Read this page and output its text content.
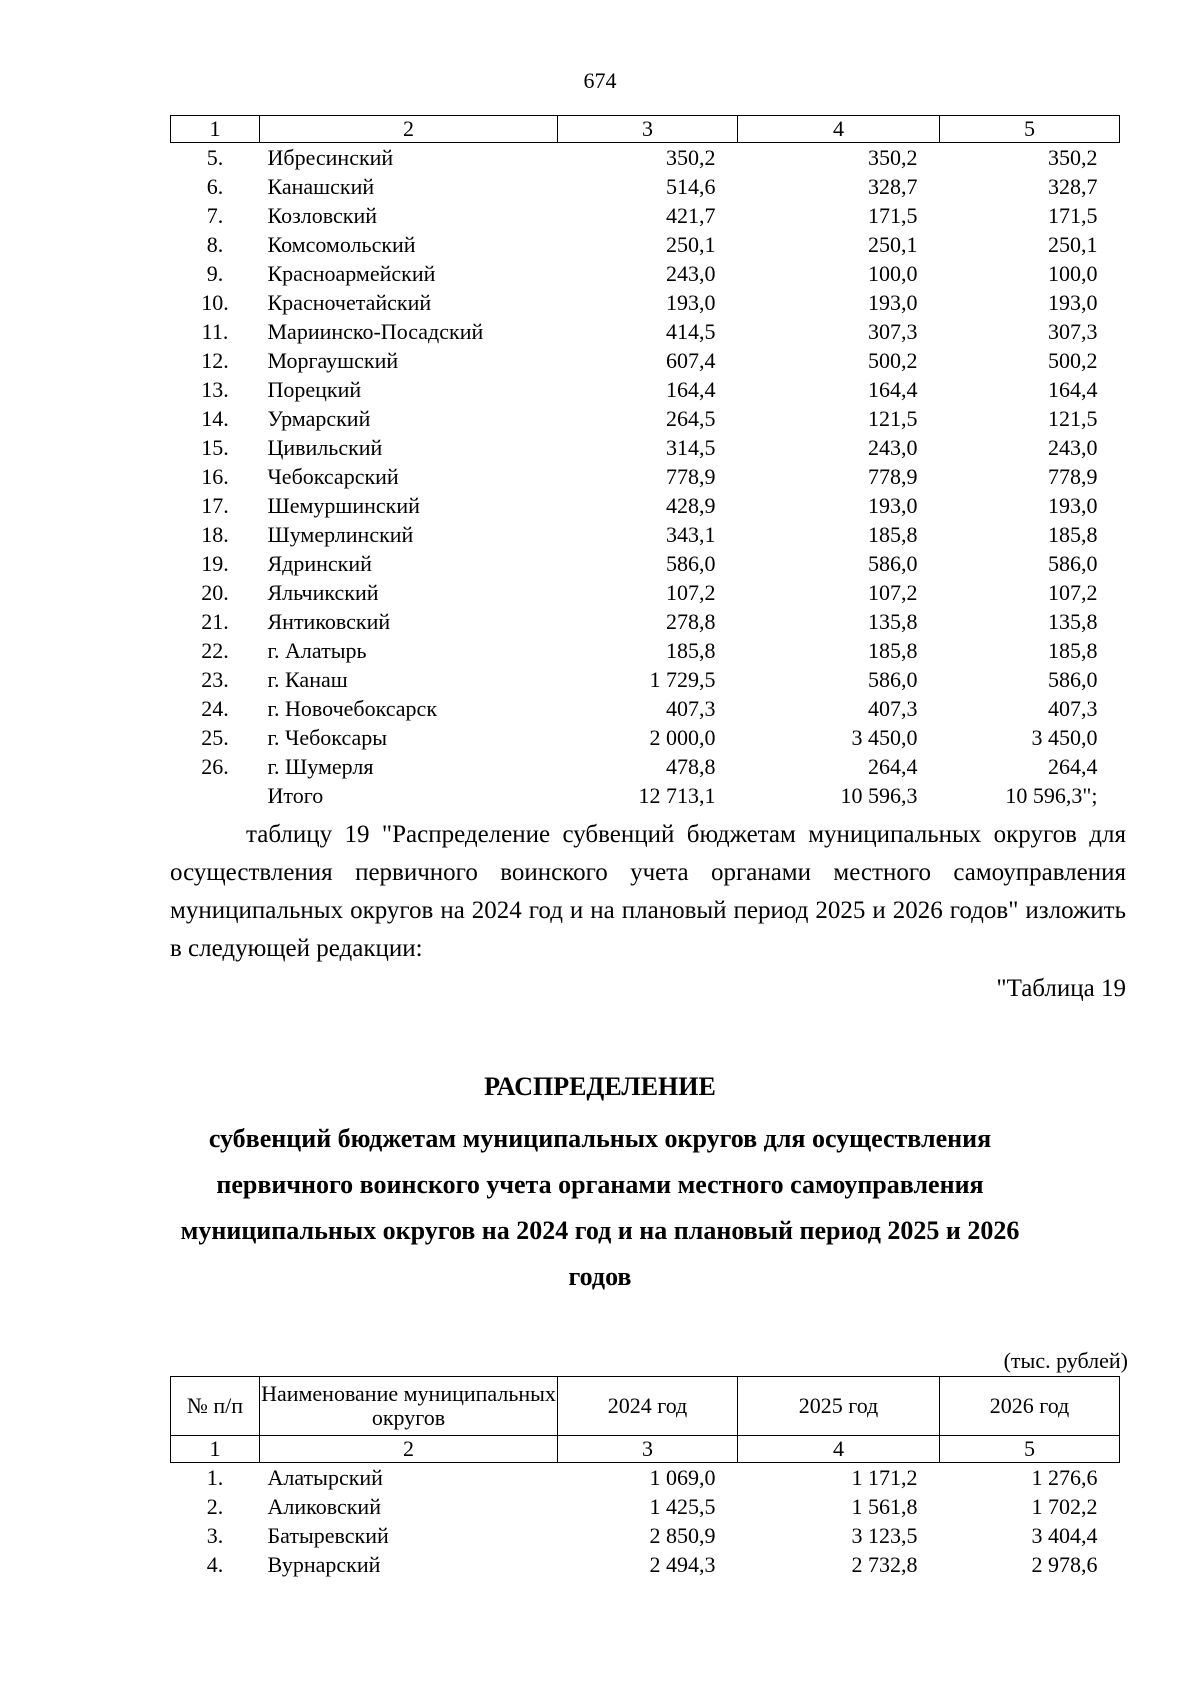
674
1	2	3	4	5
5.	Ибресинский	350,2	350,2	350,2
6.	Канашский	514,6	328,7	328,7
7.	Козловский	421,7	171,5	171,5
8.	Комсомольский	250,1	250,1	250,1
9.	Красноармейский	243,0	100,0	100,0
10.	Красночетайский	193,0	193,0	193,0
11.	Мариинско-Посадский	414,5	307,3	307,3
12.	Моргаушский	607,4	500,2	500,2
13.	Порецкий	164,4	164,4	164,4
14.	Урмарский	264,5	121,5	121,5
15.	Цивильский	314,5	243,0	243,0
16.	Чебоксарский	778,9	778,9	778,9
17.	Шемуршинский	428,9	193,0	193,0
18.	Шумерлинский	343,1	185,8	185,8
19.	Ядринский	586,0	586,0	586,0
20.	Яльчикский	107,2	107,2	107,2
21.	Янтиковский	278,8	135,8	135,8
22.	г. Алатырь	185,8	185,8	185,8
23.	г. Канаш	1 729,5	586,0	586,0
24.	г. Новочебоксарск	407,3	407,3	407,3
25.	г. Чебоксары	2 000,0	3 450,0	3 450,0
26.	г. Шумерля	478,8	264,4	264,4
	Итого	12 713,1	10 596,3	10 596,3";
таблицу 19 "Распределение субвенций бюджетам муниципальных округов для осуществления первичного воинского учета органами местного самоуправления муниципальных округов на 2024 год и на плановый период 2025 и 2026 годов" изложить в следующей редакции:
"Таблица 19
РАСПРЕДЕЛЕНИЕ
субвенций бюджетам муниципальных округов для осуществления первичного воинского учета органами местного самоуправления муниципальных округов на 2024 год и на плановый период 2025 и 2026 годов
(тыс. рублей)
№ п/п	Наименование муниципальных округов	2024 год	2025 год	2026 год
1	2	3	4	5
1.	Алатырский	1 069,0	1 171,2	1 276,6
2.	Аликовский	1 425,5	1 561,8	1 702,2
3.	Батыревский	2 850,9	3 123,5	3 404,4
4.	Вурнарский	2 494,3	2 732,8	2 978,6
